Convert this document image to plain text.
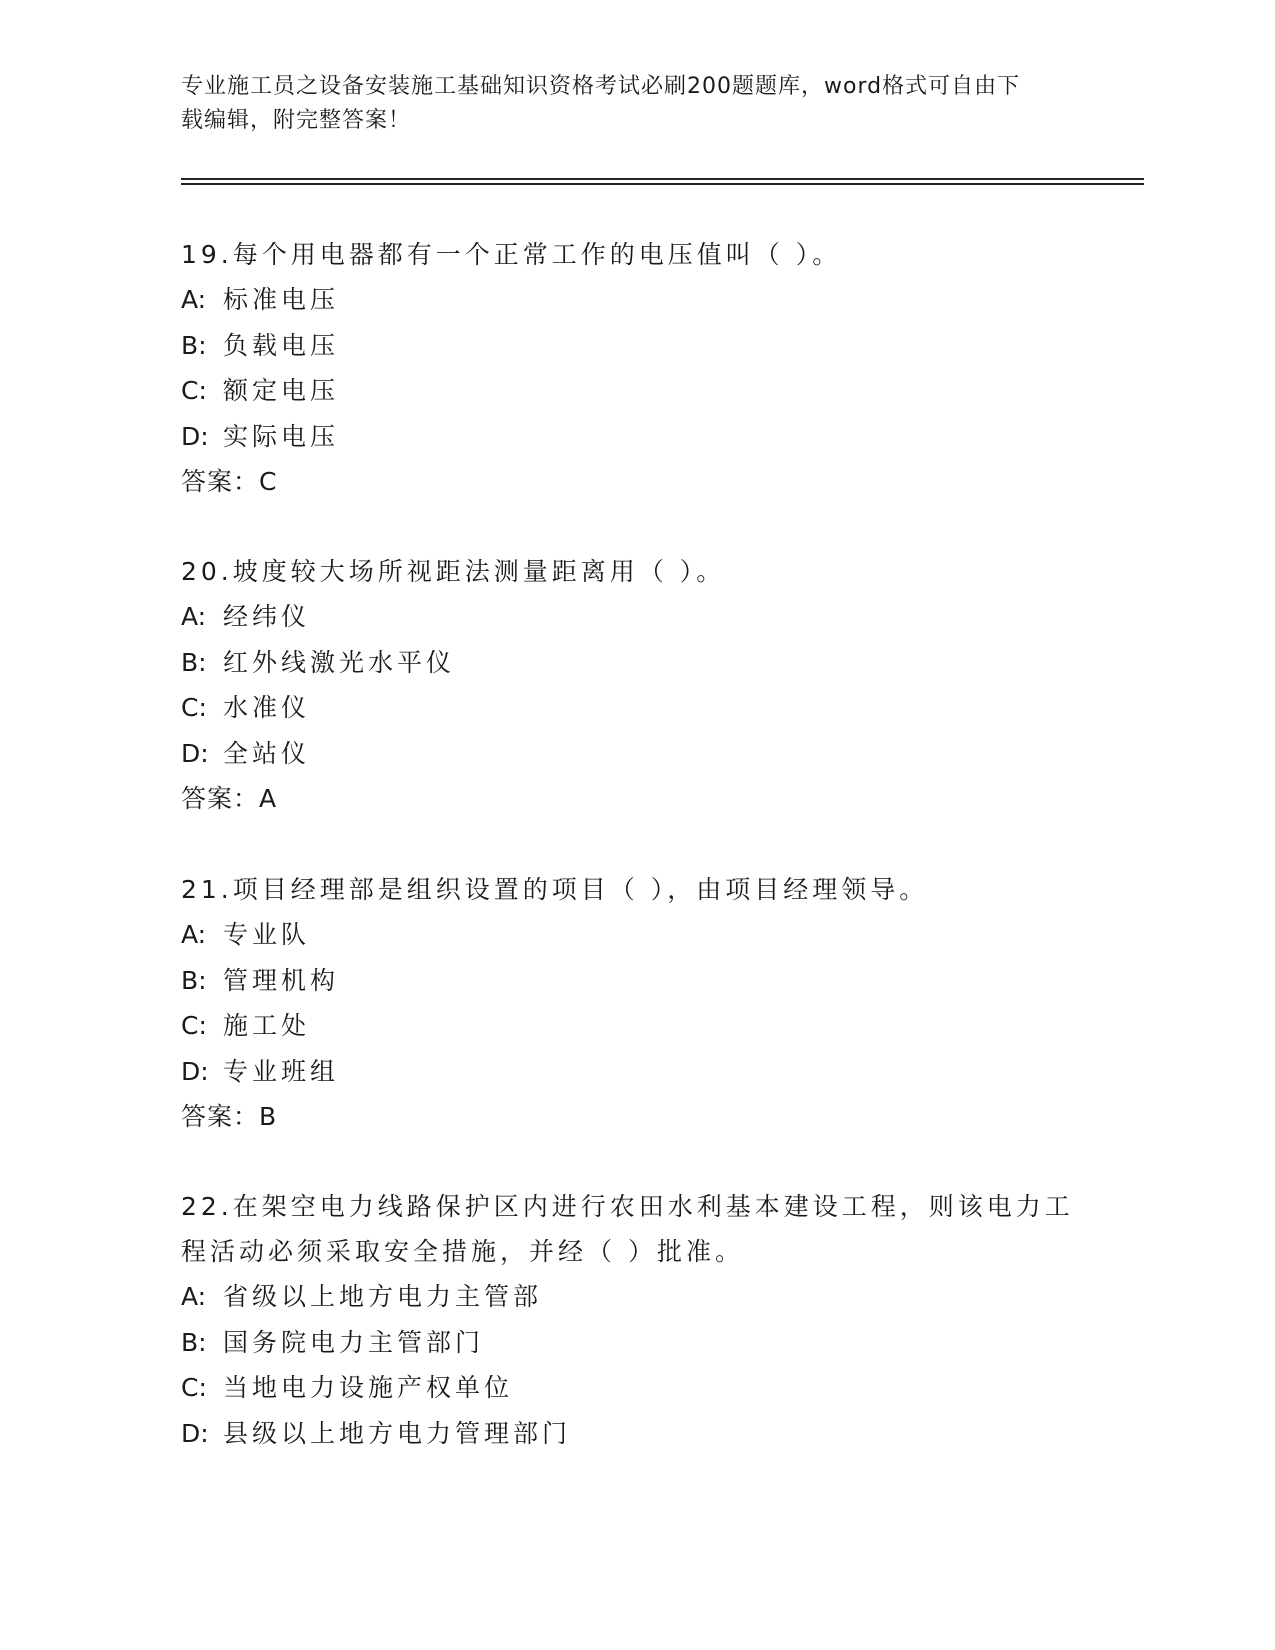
专业施工员之设备安装施工基础知识资格考试必刷200题题库，word格式可自由下载编辑，附完整答案！

19.每个用电器都有一个正常工作的电压值叫（ ）。

A: 标准电压

B: 负载电压

C: 额定电压

D: 实际电压

答案：C

20.坡度较大场所视距法测量距离用（ ）。

A: 经纬仪

B: 红外线激光水平仪

C: 水准仪

D: 全站仪

答案：A

21.项目经理部是组织设置的项目（ ），由项目经理领导。

A: 专业队

B: 管理机构

C: 施工处

D: 专业班组

答案：B

22.在架空电力线路保护区内进行农田水利基本建设工程，则该电力工程活动必须采取安全措施，并经（ ）批准。

A: 省级以上地方电力主管部

B: 国务院电力主管部门

C: 当地电力设施产权单位

D: 县级以上地方电力管理部门
